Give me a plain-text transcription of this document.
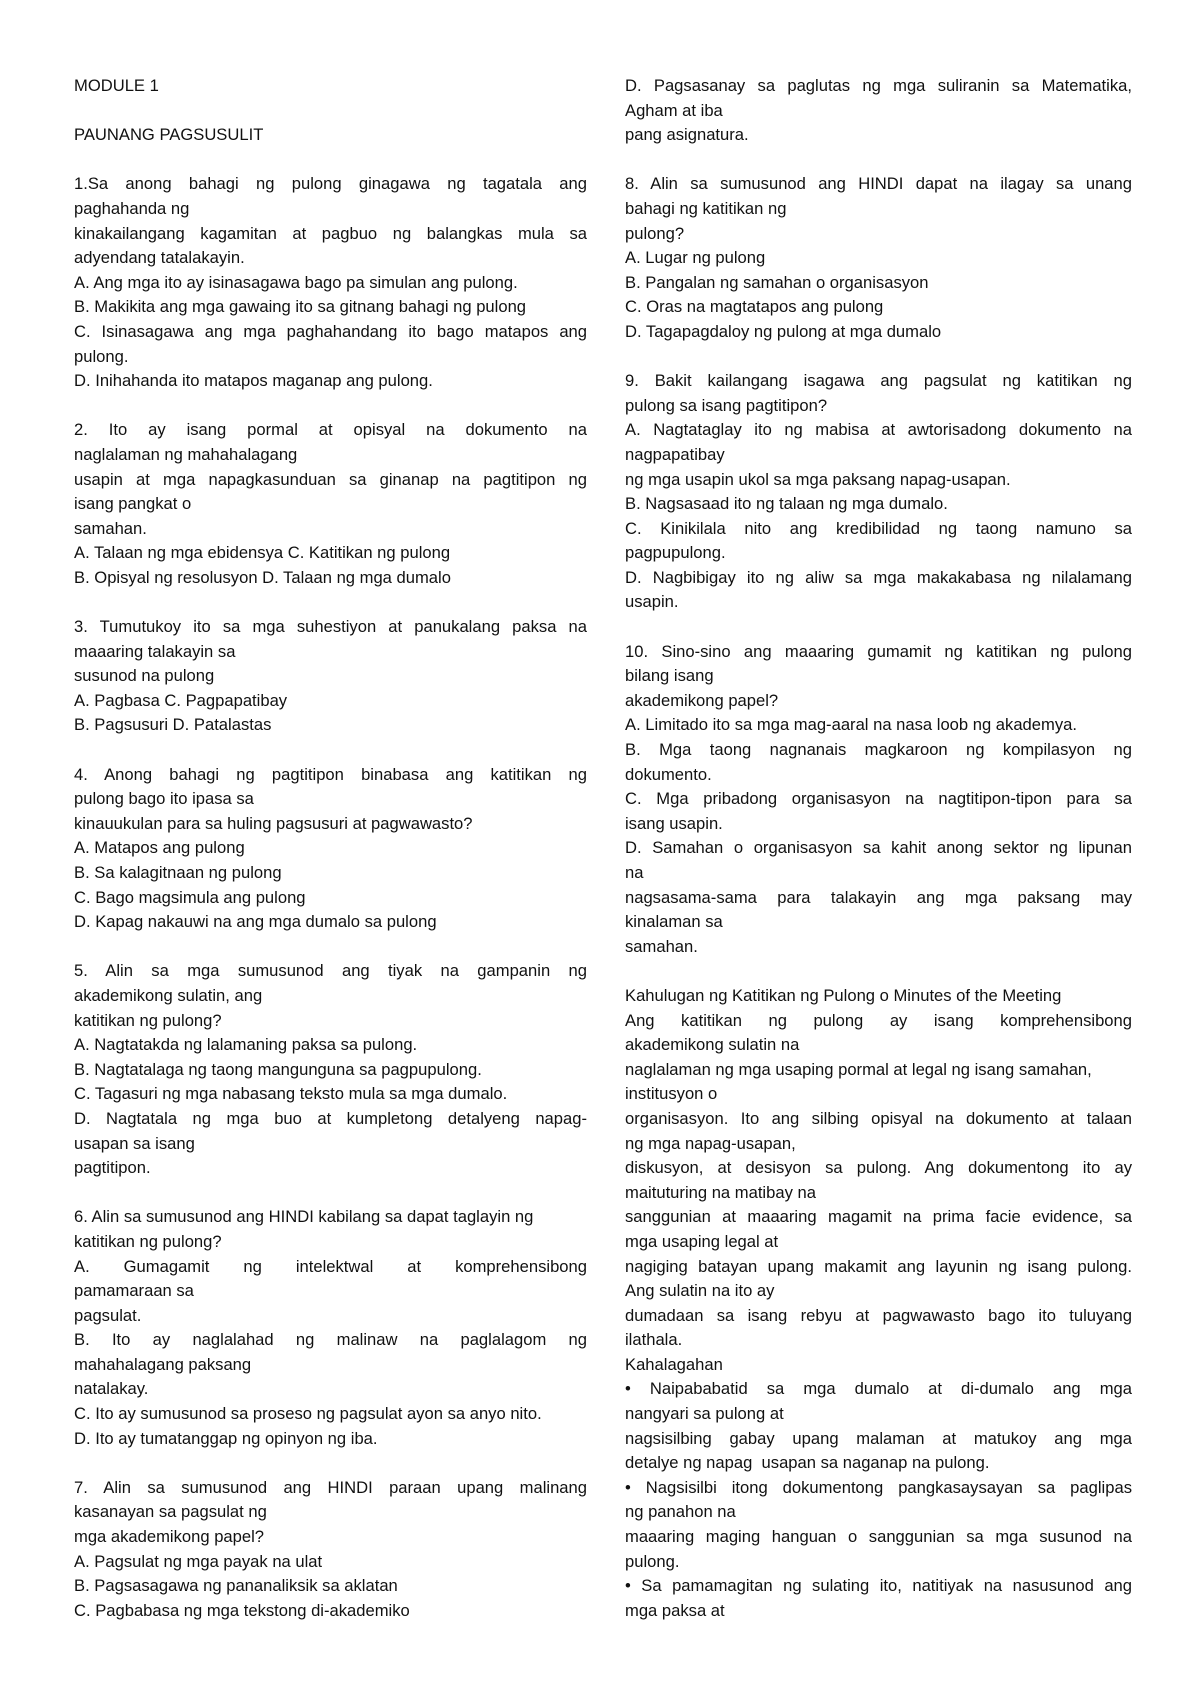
MODULE 1
PAUNANG PAGSUSULIT
1.Sa anong bahagi ng pulong ginagawa ng tagatala ang
paghahanda ng
kinakailangang kagamitan at pagbuo ng balangkas mula sa
adyendang tatalakayin.
A. Ang mga ito ay isinasagawa bago pa simulan ang pulong.
B. Makikita ang mga gawaing ito sa gitnang bahagi ng pulong
C. Isinasagawa ang mga paghahandang ito bago matapos ang
pulong.
D. Inihahanda ito matapos maganap ang pulong.
2. Ito ay isang pormal at opisyal na dokumento na
naglalaman ng mahahalagang
usapin at mga napagkasunduan sa ginanap na pagtitipon ng
isang pangkat o
samahan.
A. Talaan ng mga ebidensya C. Katitikan ng pulong
B. Opisyal ng resolusyon D. Talaan ng mga dumalo
3. Tumutukoy ito sa mga suhestiyon at panukalang paksa na
maaaring talakayin sa
susunod na pulong
A. Pagbasa C. Pagpapatibay
B. Pagsusuri D. Patalastas
4. Anong bahagi ng pagtitipon binabasa ang katitikan ng
pulong bago ito ipasa sa
kinauukulan para sa huling pagsusuri at pagwawasto?
A. Matapos ang pulong
B. Sa kalagitnaan ng pulong
C. Bago magsimula ang pulong
D. Kapag nakauwi na ang mga dumalo sa pulong
5. Alin sa mga sumusunod ang tiyak na gampanin ng
akademikong sulatin, ang
katitikan ng pulong?
A. Nagtatakda ng lalamaning paksa sa pulong.
B. Nagtatalaga ng taong mangunguna sa pagpupulong.
C. Tagasuri ng mga nabasang teksto mula sa mga dumalo.
D. Nagtatala ng mga buo at kumpletong detalyeng napag-
usapan sa isang
pagtitipon.
6. Alin sa sumusunod ang HINDI kabilang sa dapat taglayin ng
katitikan ng pulong?
A. Gumagamit ng intelektwal at komprehensibong
pamamaraan sa
pagsulat.
B. Ito ay naglalahad ng malinaw na paglalagom ng
mahahalagang paksang
natalakay.
C. Ito ay sumusunod sa proseso ng pagsulat ayon sa anyo nito.
D. Ito ay tumatanggap ng opinyon ng iba.
7. Alin sa sumusunod ang HINDI paraan upang malinang
kasanayan sa pagsulat ng
mga akademikong papel?
A. Pagsulat ng mga payak na ulat
B. Pagsasagawa ng pananaliksik sa aklatan
C. Pagbabasa ng mga tekstong di-akademiko
D. Pagsasanay sa paglutas ng mga suliranin sa Matematika,
Agham at iba
pang asignatura.
8. Alin sa sumusunod ang HINDI dapat na ilagay sa unang
bahagi ng katitikan ng
pulong?
A. Lugar ng pulong
B. Pangalan ng samahan o organisasyon
C. Oras na magtatapos ang pulong
D. Tagapagdaloy ng pulong at mga dumalo
9. Bakit kailangang isagawa ang pagsulat ng katitikan ng
pulong sa isang pagtitipon?
A. Nagtataglay ito ng mabisa at awtorisadong dokumento na
nagpapatibay
ng mga usapin ukol sa mga paksang napag-usapan.
B. Nagsasaad ito ng talaan ng mga dumalo.
C. Kinikilala nito ang kredibilidad ng taong namuno sa
pagpupulong.
D. Nagbibigay ito ng aliw sa mga makakabasa ng nilalamang
usapin.
10. Sino-sino ang maaaring gumamit ng katitikan ng pulong
bilang isang
akademikong papel?
A. Limitado ito sa mga mag-aaral na nasa loob ng akademya.
B. Mga taong nagnanais magkaroon ng kompilasyon ng
dokumento.
C. Mga pribadong organisasyon na nagtitipon-tipon para sa
isang usapin.
D. Samahan o organisasyon sa kahit anong sektor ng lipunan
na
nagsasama-sama para talakayin ang mga paksang may
kinalaman sa
samahan.
Kahulugan ng Katitikan ng Pulong o Minutes of the Meeting
Ang katitikan ng pulong ay isang komprehensibong
akademikong sulatin na
naglalaman ng mga usaping pormal at legal ng isang samahan,
institusyon o
organisasyon. Ito ang silbing opisyal na dokumento at talaan
ng mga napag-usapan,
diskusyon, at desisyon sa pulong. Ang dokumentong ito ay
maituturing na matibay na
sanggunian at maaaring magamit na prima facie evidence, sa
mga usaping legal at
nagiging batayan upang makamit ang layunin ng isang pulong.
Ang sulatin na ito ay
dumadaan sa isang rebyu at pagwawasto bago ito tuluyang
ilathala.
Kahalagahan
• Naipababatid sa mga dumalo at di-dumalo ang mga
nangyari sa pulong at
nagsisilbing gabay upang malaman at matukoy ang mga
detalye ng napag  usapan sa naganap na pulong.
• Nagsisilbi itong dokumentong pangkasaysayan sa paglipas
ng panahon na
maaaring maging hanguan o sanggunian sa mga susunod na
pulong.
• Sa pamamagitan ng sulating ito, natitiyak na nasusunod ang
mga paksa at
